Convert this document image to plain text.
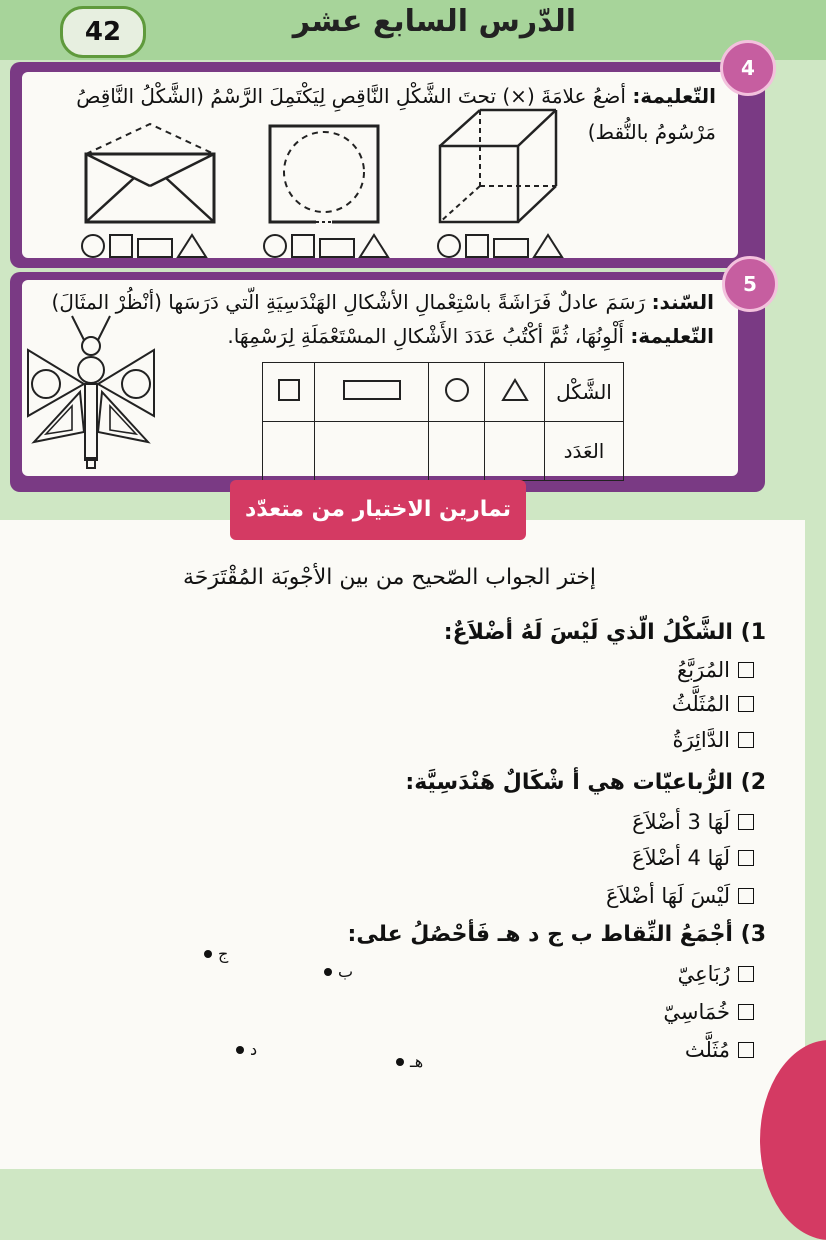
الدّرس السابع عشر
42
4
التّعليمة: أضعُ علامَةَ (×) تحتَ الشَّكْلِ النَّاقِصِ لِيَكْتَمِلَ الرَّسْمُ (الشَّكْلُ النَّاقِصُ
مَرْسُومُ بالنُّقط)
5
السّند: رَسَمَ عادلٌ فَرَاشَةً باسْتِعْمالِ الأشْكالِ الهَنْدَسِيَةِ الّتي دَرَسَها (أنْظُرْ المثَالَ)
التّعليمة: أَلْوِنُهَا، ثُمَّ أكْتُبُ عَدَدَ الأَشْكالِ المسْتَعْمَلَةِ لِرَسْمِهَا.
الشَّكْل				
العَدَد				
تمارين الاختيار من متعدّد
إختر الجواب الصّحيح من بين الأجْوبَة المُقْتَرَحَة
1) الشَّكْلُ الّذي لَيْسَ لَهُ أضْلاَعٌ:
المُرَبَّعُ
المُثَلَّثُ
الدَّائِرَةُ
2) الرُّباعيّات هي أ شْكَالٌ هَنْدَسِيَّة:
لَهَا 3 أضْلاَعَ
لَهَا 4 أضْلاَعَ
لَيْسَ لَهَا أضْلاَعَ
3) أجْمَعُ النِّقاط ب ج د هـ فَأحْصُلُ على:
رُبَاعِيّ
خُمَاسِيّ
مُثَلَّث
ج
ب
د
هـ
